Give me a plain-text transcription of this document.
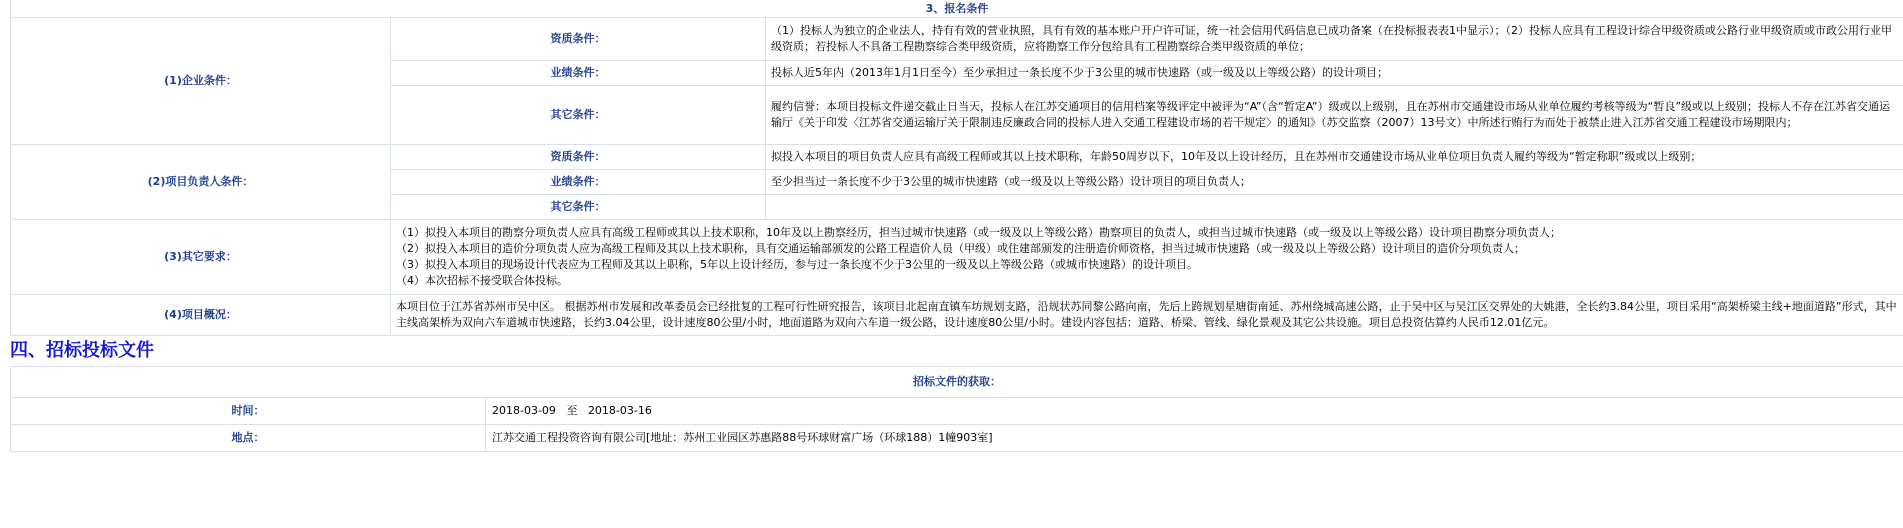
3、报名条件		
(1)企业条件：	资质条件：	（1）投标人为独立的企业法人，持有有效的营业执照，具有有效的基本账户开户许可证，统一社会信用代码信息已成功备案（在投标报表表1中显示）；（2）投标人应具有工程设计综合甲级资质或公路行业甲级资质或市政公用行业甲级资质；若投标人不具备工程勘察综合类甲级资质，应将勘察工作分包给具有工程勘察综合类甲级资质的单位；
	业绩条件：	投标人近5年内（2013年1月1日至今）至少承担过一条长度不少于3公里的城市快速路（或一级及以上等级公路）的设计项目；
	其它条件：	履约信誉：本项目投标文件递交截止日当天，投标人在江苏交通项目的信用档案等级评定中被评为“A”（含“暂定A”）级或以上级别，且在苏州市交通建设市场从业单位履约考核等级为“暂良”级或以上级别；投标人不存在江苏省交通运输厅《关于印发〈江苏省交通运输厅关于限制违反廉政合同的投标人进入交通工程建设市场的若干规定〉的通知》（苏交监察（2007）13号文）中所述行贿行为而处于被禁止进入江苏省交通工程建设市场期限内；
(2)项目负责人条件：	资质条件：	拟投入本项目的项目负责人应具有高级工程师或其以上技术职称，年龄50周岁以下，10年及以上设计经历，且在苏州市交通建设市场从业单位项目负责人履约等级为“暂定称职”级或以上级别；
	业绩条件：	至少担当过一条长度不少于3公里的城市快速路（或一级及以上等级公路）设计项目的项目负责人；
	其它条件：	
(3)其它要求：	（1）拟投入本项目的勘察分项负责人应具有高级工程师或其以上技术职称，10年及以上勘察经历，担当过城市快速路（或一级及以上等级公路）勘察项目的负责人，或担当过城市快速路（或一级及以上等级公路）设计项目勘察分项负责人；
（2）拟投入本项目的造价分项负责人应为高级工程师及其以上技术职称，具有交通运输部颁发的公路工程造价人员（甲级）或住建部颁发的注册造价师资格，担当过城市快速路（或一级及以上等级公路）设计项目的造价分项负责人；
（3）拟投入本项目的现场设计代表应为工程师及其以上职称，5年以上设计经历，参与过一条长度不少于3公里的一级及以上等级公路（或城市快速路）的设计项目。
（4）本次招标不接受联合体投标。	

(4)项目概况：	本项目位于江苏省苏州市吴中区。 根据苏州市发展和改革委员会已经批复的工程可行性研究报告，该项目北起南直镇车坊规划支路，沿规状苏同黎公路向南，先后上跨规划星塘街南延、苏州绕城高速公路，止于吴中区与吴江区交界处的大姚港，全长约3.84公里，项目采用“高架桥梁主线+地面道路”形式，其中主线高架桥为双向六车道城市快速路，长约3.04公里，设计速度80公里/小时，地面道路为双向六车道一级公路，设计速度80公里/小时。建设内容包括：道路、桥梁、管线、绿化景观及其它公共设施。项目总投资估算约人民币12.01亿元。	
四、招标投标文件
招标文件的获取：	
时间：	2018-03-09 至 2018-03-16
地点：	江苏交通工程投资咨询有限公司[地址：苏州工业园区苏惠路88号环球财富广场（环球188）1幢903室]
